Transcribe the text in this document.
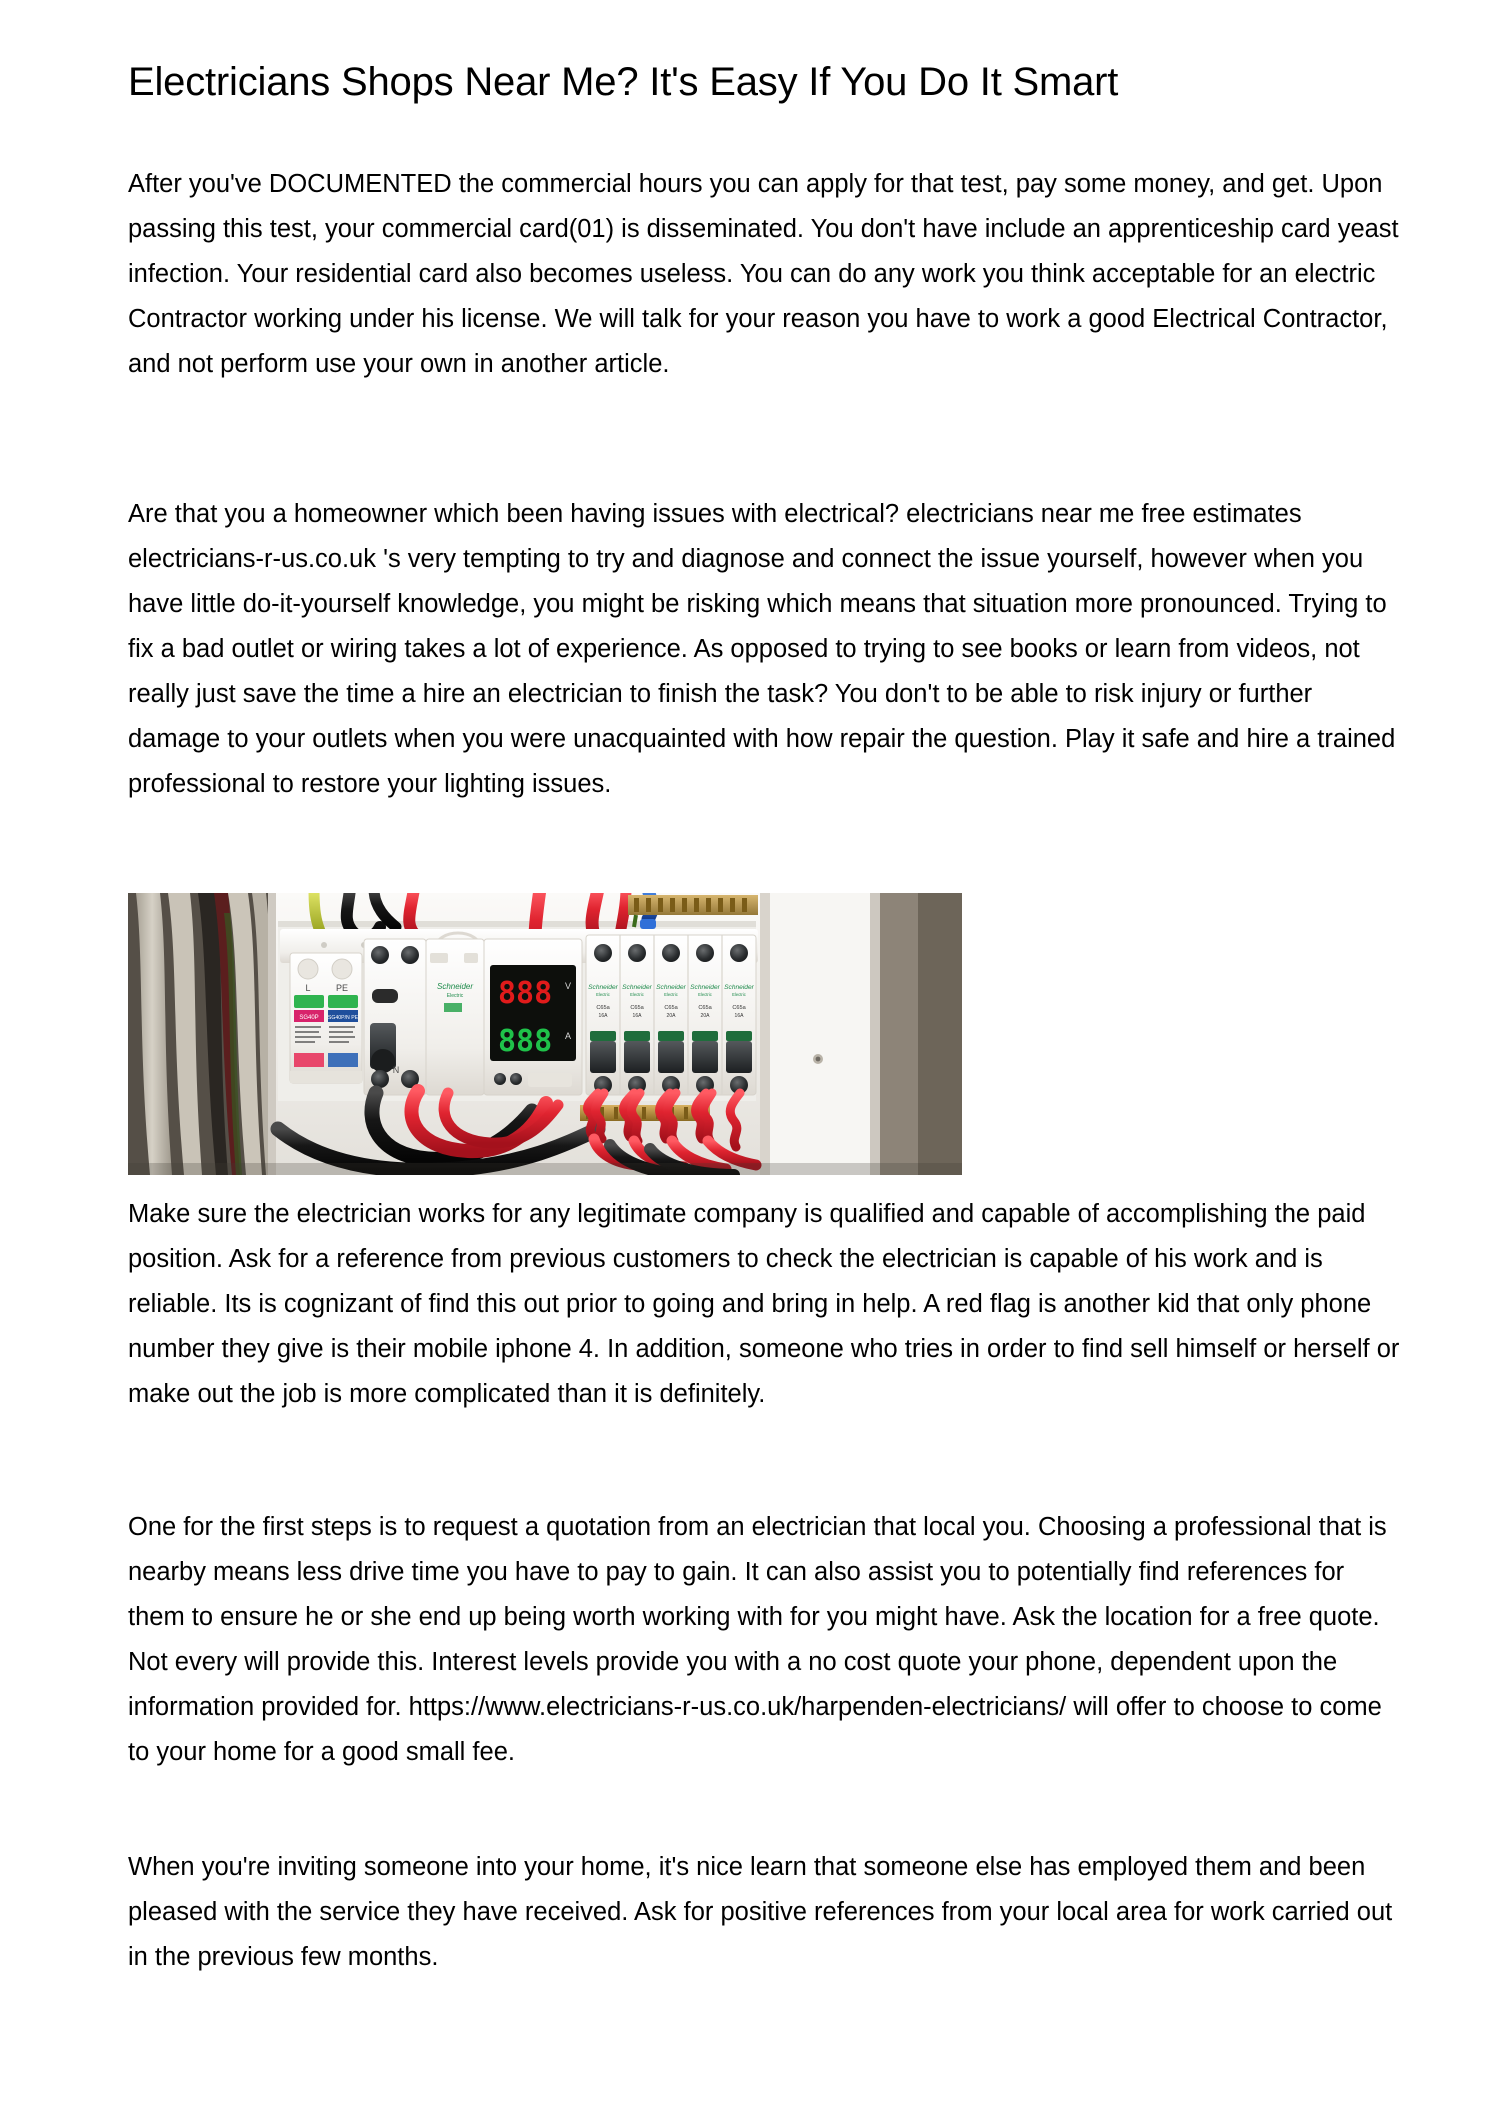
Electricians Shops Near Me? It's Easy If You Do It Smart

After you've DOCUMENTED the commercial hours you can apply for that test, pay some money, and get. Upon passing this test, your commercial card(01) is disseminated. You don't have include an apprenticeship card yeast infection. Your residential card also becomes useless. You can do any work you think acceptable for an electric Contractor working under his license. We will talk for your reason you have to work a good Electrical Contractor, and not perform use your own in another article.

Are that you a homeowner which been having issues with electrical? electricians near me free estimates electricians-r-us.co.uk 's very tempting to try and diagnose and connect the issue yourself, however when you have little do-it-yourself knowledge, you might be risking which means that situation more pronounced. Trying to fix a bad outlet or wiring takes a lot of experience. As opposed to trying to see books or learn from videos, not really just save the time a hire an electrician to finish the task? You don't to be able to risk injury or further damage to your outlets when you were unacquainted with how repair the question. Play it safe and hire a trained professional to restore your lighting issues.

L	PE
SG40P SG40P/N PE
N
Schneider
Electric 888 V
888 A
Schneider
Electric
C65a
16A
Schneider
Electric
C65a
16A
Schneider
Electric
C65a
20A
Schneider
Electric
C65a
20A
Schneider
Electric
C65a
16A

Make sure the electrician works for any legitimate company is qualified and capable of accomplishing the paid position. Ask for a reference from previous customers to check the electrician is capable of his work and is reliable. Its is cognizant of find this out prior to going and bring in help. A red flag is another kid that only phone number they give is their mobile iphone 4. In addition, someone who tries in order to find sell himself or herself or make out the job is more complicated than it is definitely.

One for the first steps is to request a quotation from an electrician that local you. Choosing a professional that is nearby means less drive time you have to pay to gain. It can also assist you to potentially find references for them to ensure he or she end up being worth working with for you might have. Ask the location for a free quote. Not every will provide this. Interest levels provide you with a no cost quote your phone, dependent upon the information provided for. https://www.electricians-r-us.co.uk/harpenden-electricians/ will offer to choose to come to your home for a good small fee.

When you're inviting someone into your home, it's nice learn that someone else has employed them and been pleased with the service they have received. Ask for positive references from your local area for work carried out in the previous few months.
